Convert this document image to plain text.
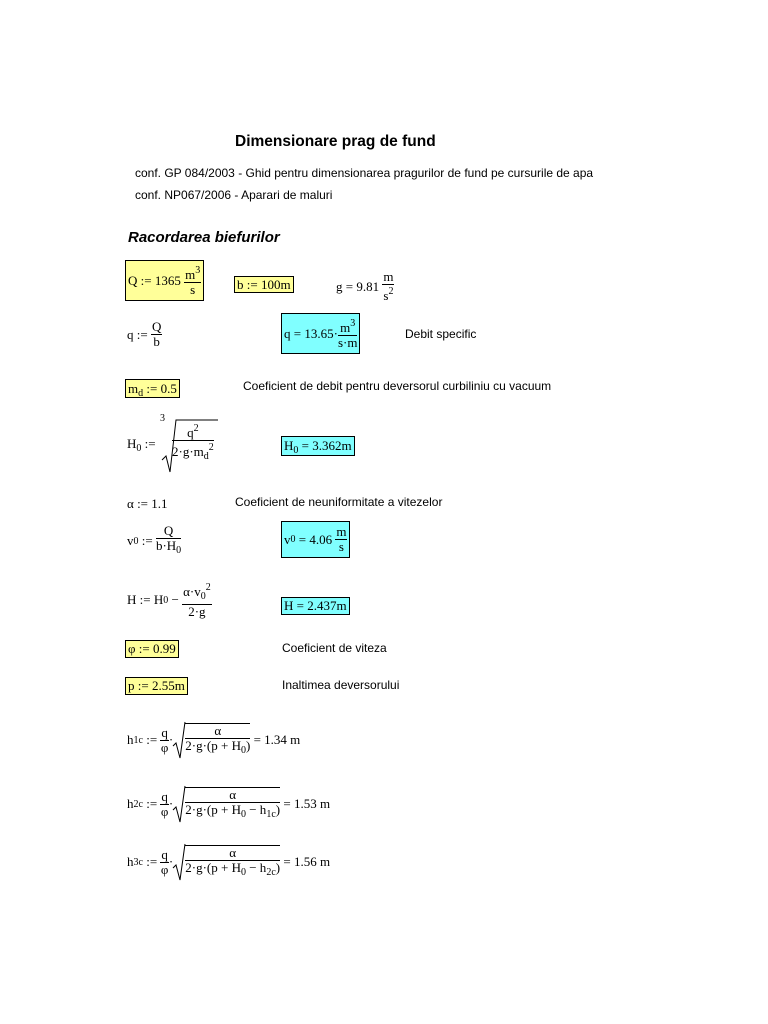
Dimensionare prag de fund
conf. GP 084/2003 - Ghid pentru dimensionarea pragurilor de fund pe cursurile de apa
conf. NP067/2006 - Aparari de maluri
Racordarea biefurilor
Q
:=
1365
$\frac{m^3}{s}$	b := 100m	g
=
9.81
$\frac{m}{s^2}$
q
:=
$\frac{Q}{b}$	q
=
$13.65\cdot \frac{m^3}{s\cdot m}$	Debit specific
$m_d$ := 0.5	Coeficient de debit pentru deversorul curbiliniu cu vacuum
$H_0$ :=
3
$\frac{q^2}{2\cdot g\cdot m_d^2}$	$H_0 = 3.362m$
α := 1.1	Coeficient de neuniformitate a vitezelor
v 0
:=
$\frac{Q}{b\cdot H_0}$	v 0
=
4.06
$\frac{m}{s}$
H
:=
H 0
−
$\frac{\alpha\cdot v_0^2}{2\cdot g}$	H = 2.437m
φ := 0.99	Coeficient de viteza
p := 2.55m	Inaltimea deversorului
h 1c
:=
$\frac{q}{\varphi} \cdot \frac{\alpha}{2\cdot g\cdot(p + H_0)}$
= 1.34 m
h 2c
:=
$\frac{q}{\varphi} \cdot \frac{\alpha}{2\cdot g\cdot(p + H_0 - h_{1c})}$
= 1.53 m
h 3c
:=
$\frac{q}{\varphi} \cdot \frac{\alpha}{2\cdot g\cdot(p + H_0 - h_{2c})}$
= 1.56 m
